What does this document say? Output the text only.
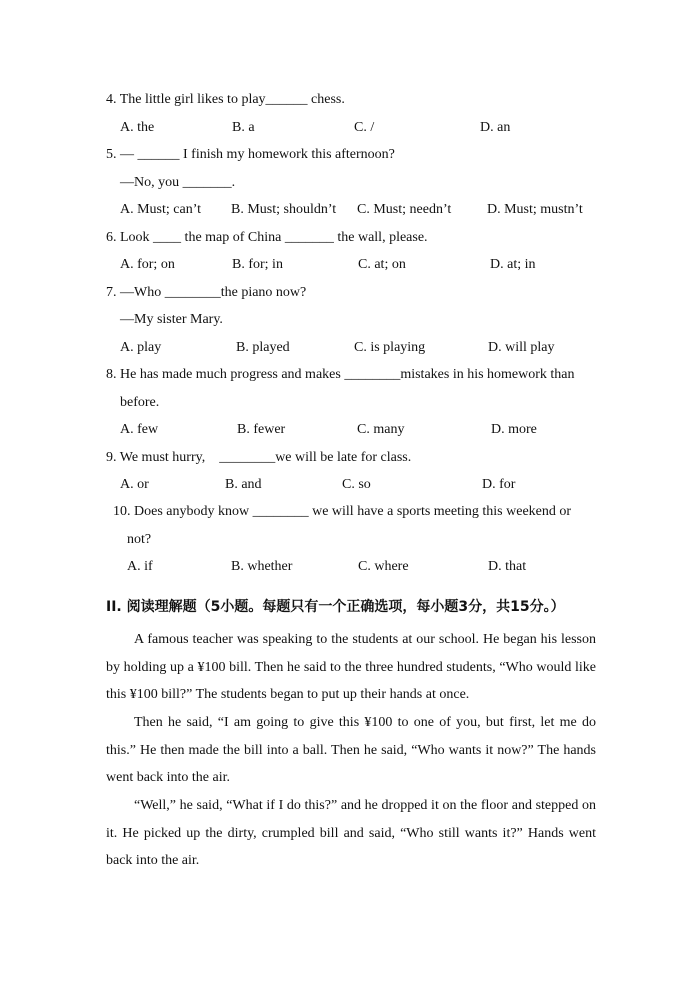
4. The little girl likes to play______ chess.
A. the	B. a	C. /	D. an
5. — ______ I finish my homework this afternoon?
—No, you _______.
A. Must; can’t B. Must; shouldn’t C. Must; needn’t	D. Must; mustn’t
6. Look ____ the map of China _______ the wall, please.
A. for; on	B. for; in	C. at; on	D. at; in
7. —Who ________the piano now?
—My sister Mary.
A. play	B. played	C. is playing	D. will play
8. He has made much progress and makes ________mistakes in his homework than
before.
A. few	B. fewer	C. many	D. more
9. We must hurry,    ________we will be late for class.
A. or	B. and	C. so	D. for
10. Does anybody know ________ we will have a sports meeting this weekend or
not?
A. if	B. whether	C. where	D. that
II. 阅读理解题（5小题。每题只有一个正确选项，每小题3分，共15分。）
A famous teacher was speaking to the students at our school. He began his lesson by holding up a ¥100 bill. Then he said to the three hundred students, “Who would like this ¥100 bill?” The students began to put up their hands at once.
Then he said, “I am going to give this ¥100 to one of you, but first, let me do this.” He then made the bill into a ball. Then he said, “Who wants it now?” The hands went back into the air.
“Well,” he said, “What if I do this?” and he dropped it on the floor and stepped on it. He picked up the dirty, crumpled bill and said, “Who still wants it?” Hands went back into the air.
